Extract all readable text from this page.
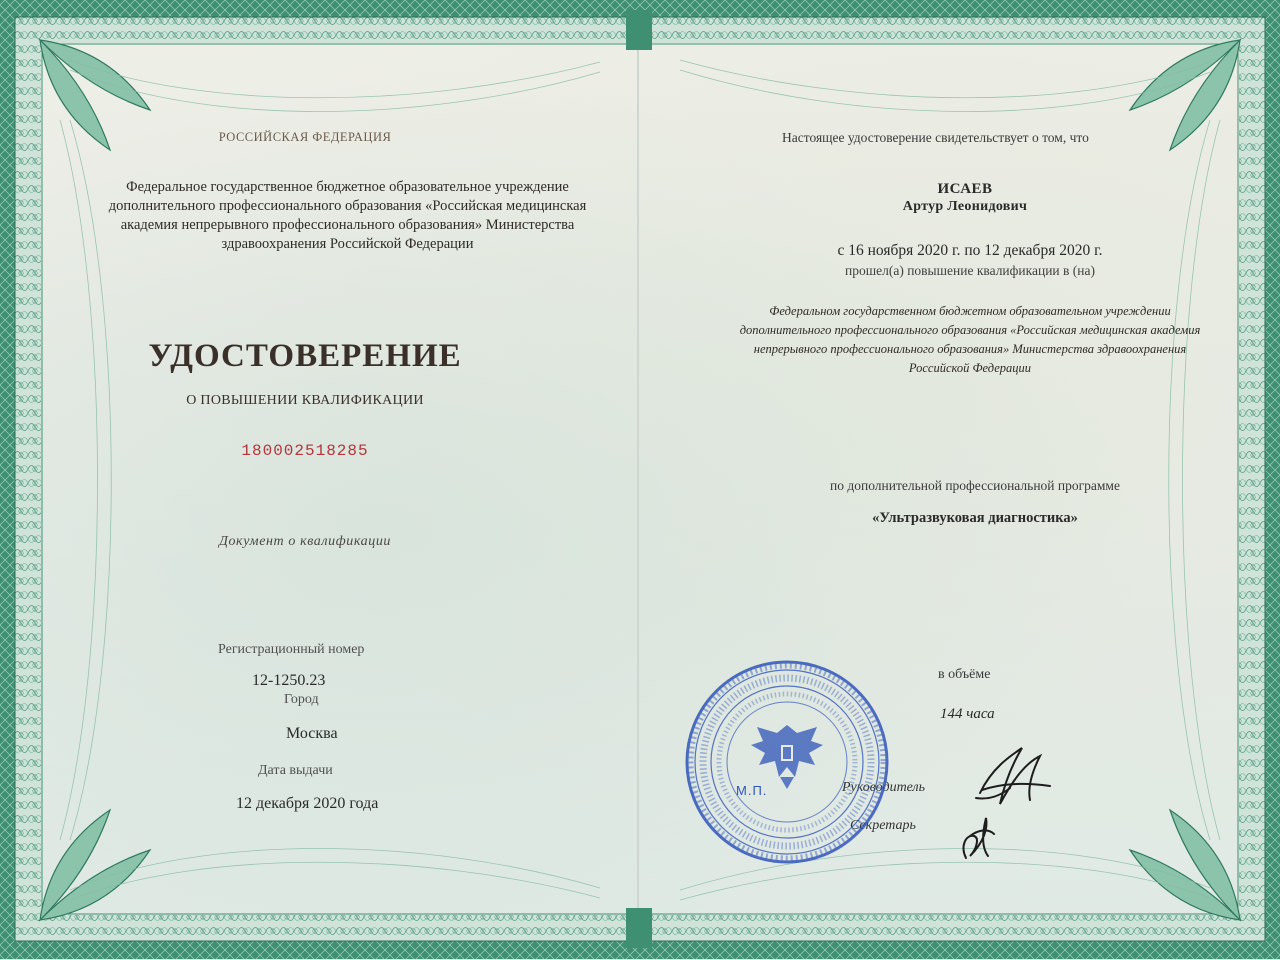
РОССИЙСКАЯ ФЕДЕРАЦИЯ
Федеральное государственное бюджетное образовательное учреждение дополнительного профессионального образования «Российская медицинская академия непрерывного профессионального образования» Министерства здравоохранения Российской Федерации
УДОСТОВЕРЕНИЕ
О ПОВЫШЕНИИ КВАЛИФИКАЦИИ
180002518285
Документ о квалификации
Регистрационный номер
12-1250.23
Город
Москва
Дата выдачи
12 декабря 2020 года
Настоящее удостоверение свидетельствует о том, что
ИСАЕВ
Артур Леонидович
с 16 ноября 2020 г. по 12 декабря 2020 г.
прошел(а) повышение квалификации в (на)
Федеральном государственном бюджетном образовательном учреждении дополнительного профессионального образования «Российская медицинская академия непрерывного профессионального образования» Министерства здравоохранения Российской Федерации
по дополнительной профессиональной программе
«Ультразвуковая диагностика»
в объёме
144 часа
Руководитель
Секретарь
М.П.
